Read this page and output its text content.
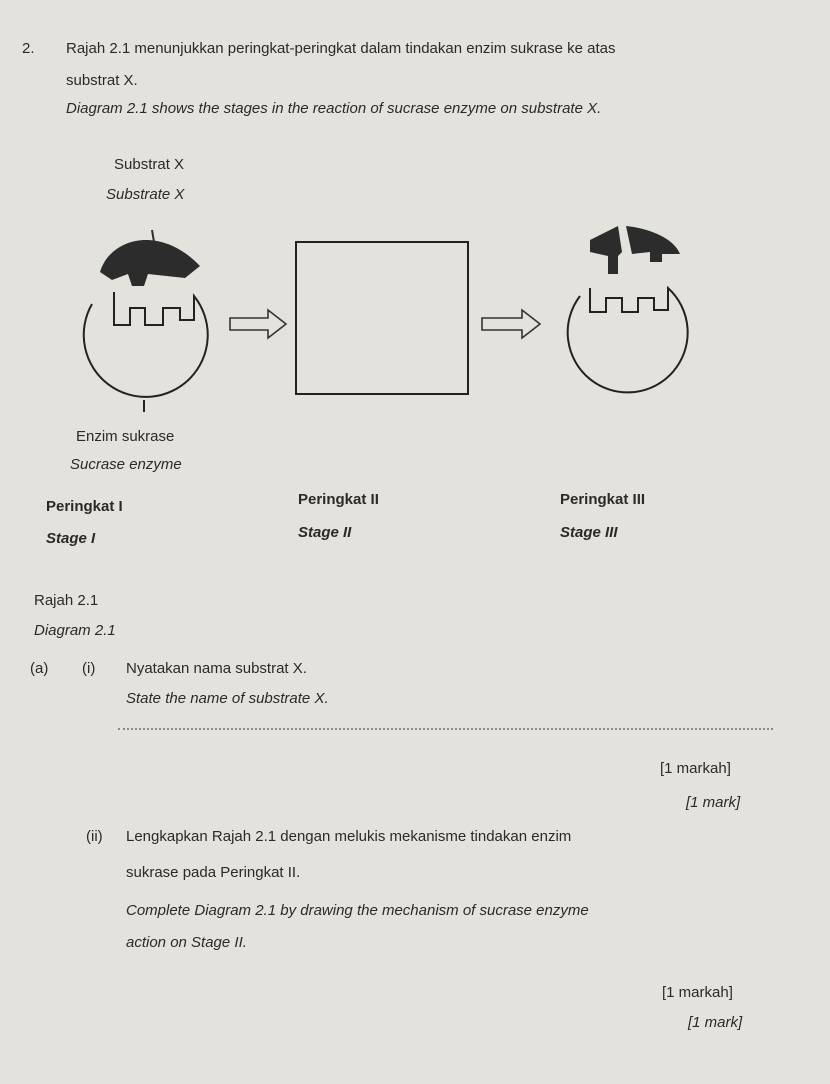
2. Rajah 2.1 menunjukkan peringkat-peringkat dalam tindakan enzim sukrase ke atas
substrat X.
Diagram 2.1 shows the stages in the reaction of sucrase enzyme on substrate X.
Substrat X
Substrate X
Enzim sukrase
Sucrase enzyme
Peringkat I
Stage I
Peringkat II
Stage II
Peringkat III
Stage III
Rajah 2.1
Diagram 2.1
(a) (i) Nyatakan nama substrat X.
State the name of substrate X.
[1 markah]
[1 mark]
(ii) Lengkapkan Rajah 2.1 dengan melukis mekanisme tindakan enzim
sukrase pada Peringkat II.
Complete Diagram 2.1 by drawing the mechanism of sucrase enzyme
action on Stage II.
[1 markah]
[1 mark]
